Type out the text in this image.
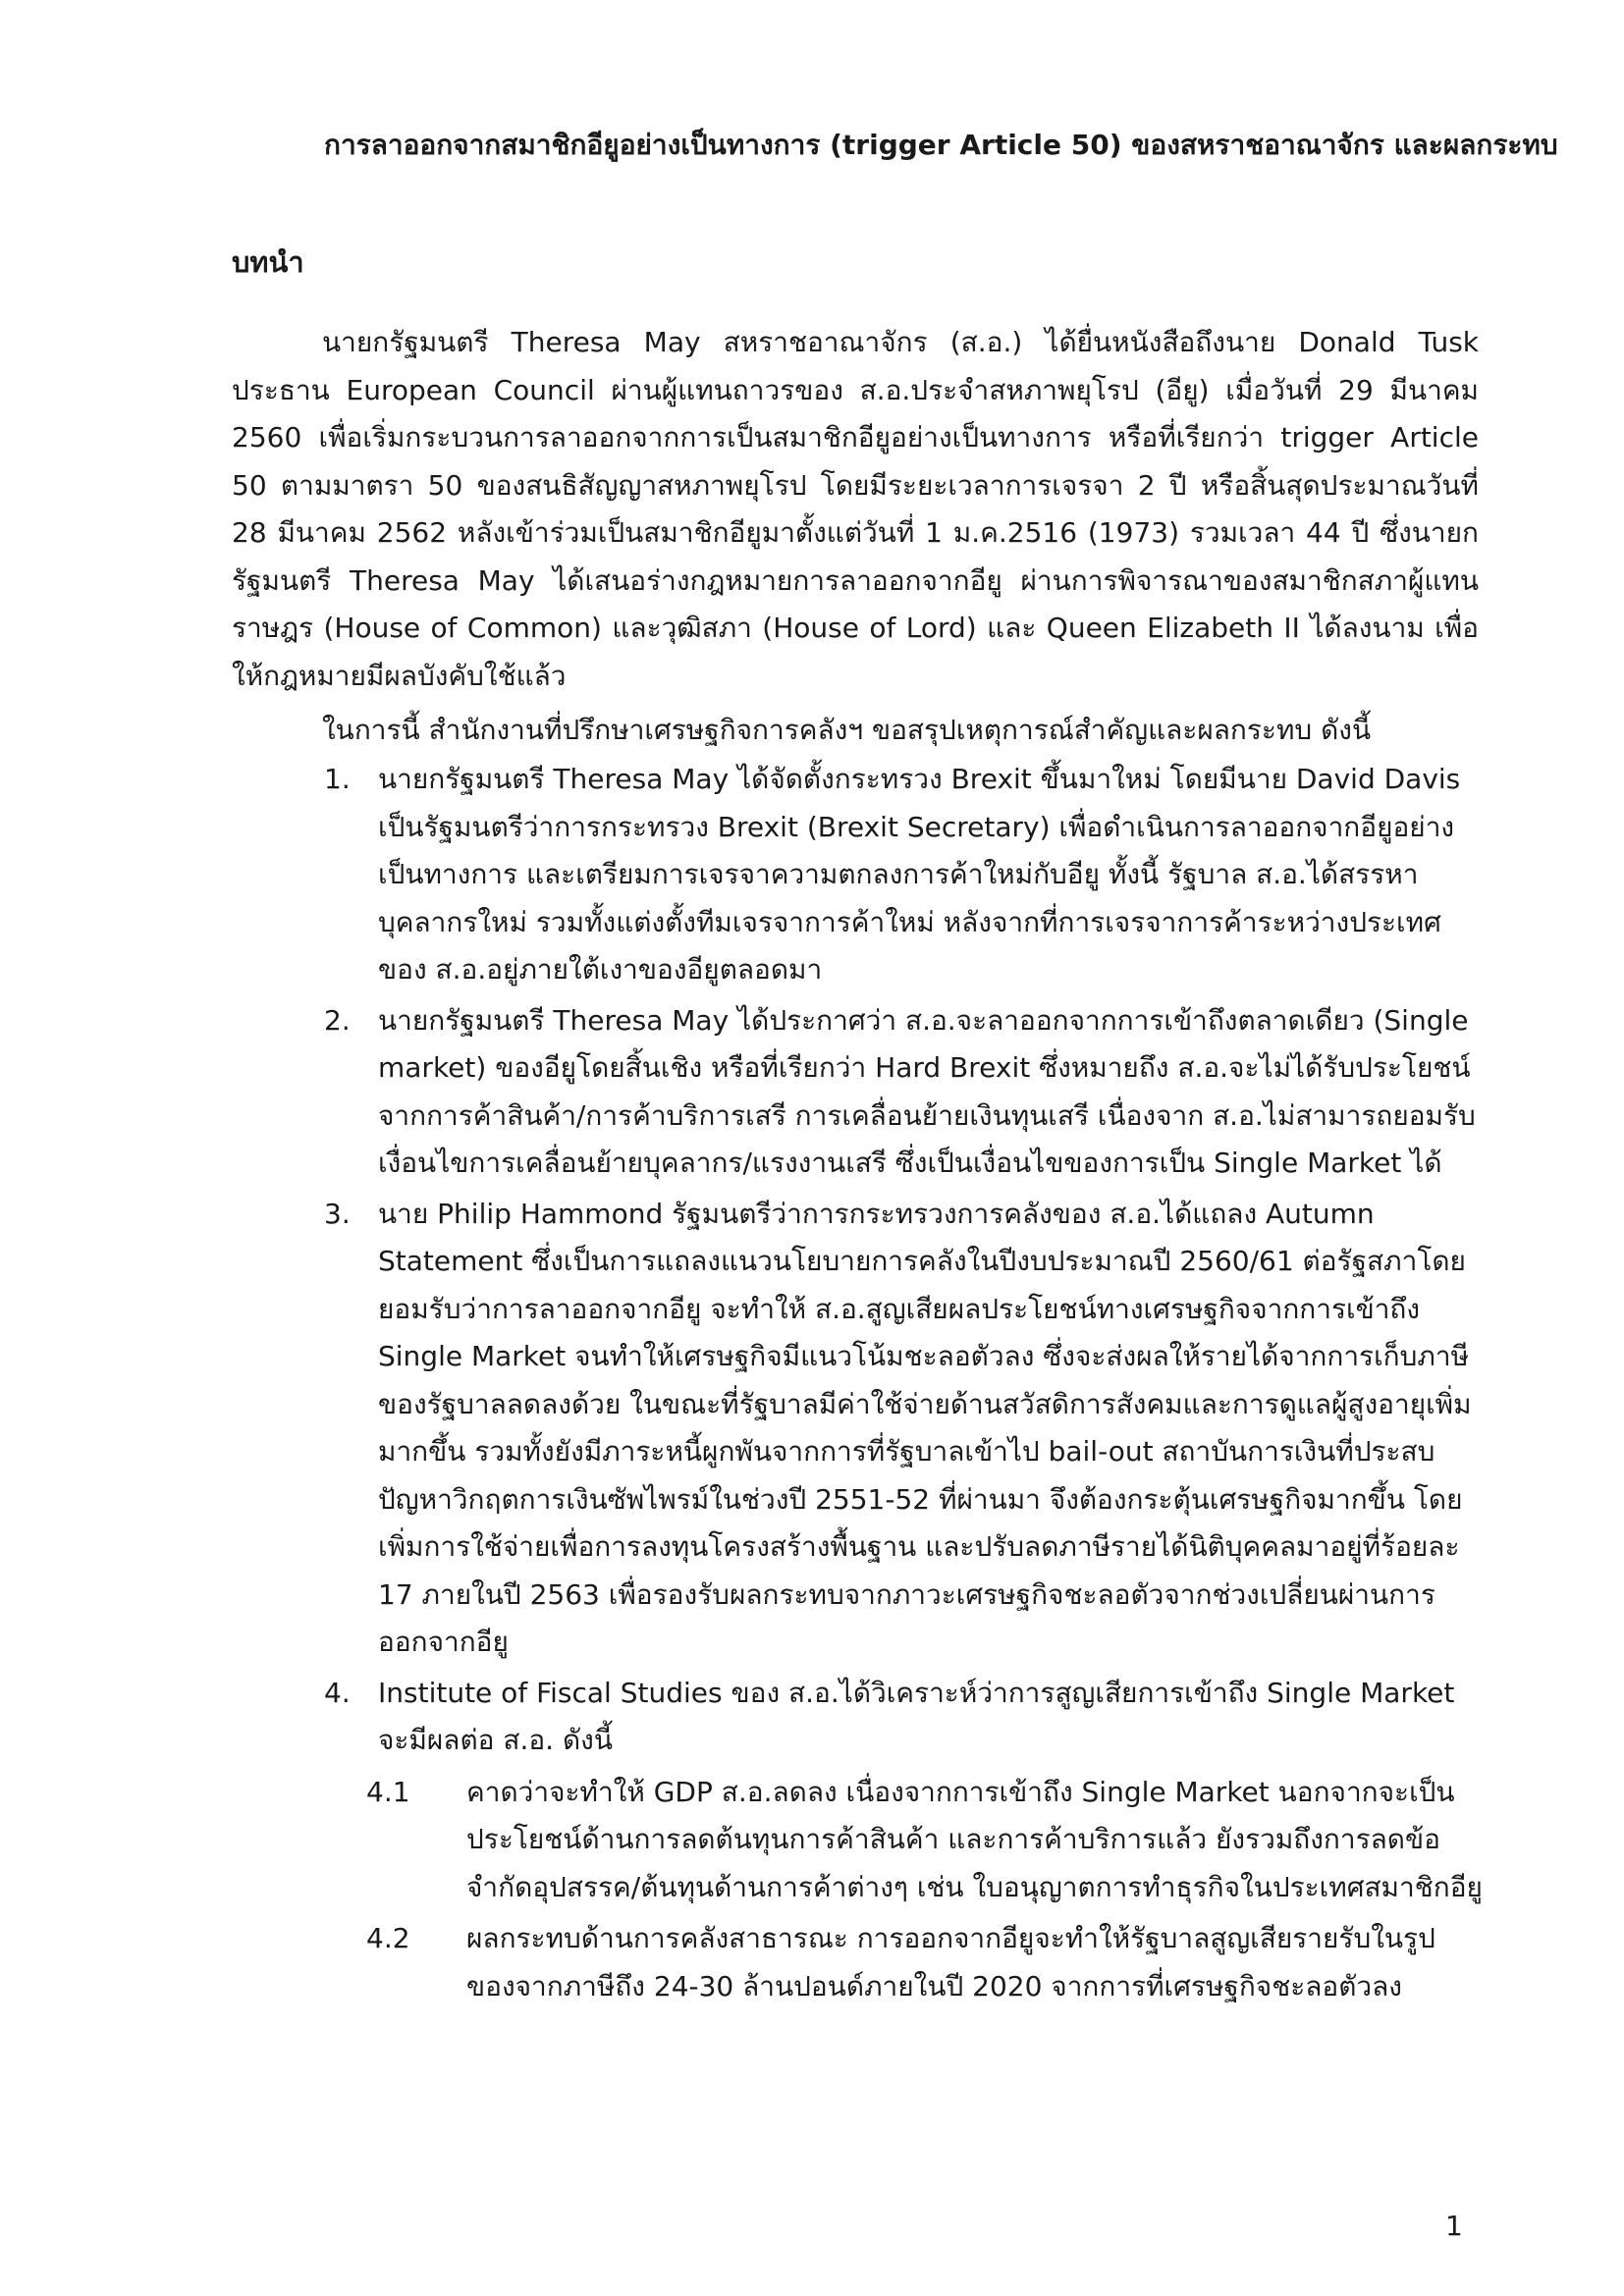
การลาออกจากสมาชิกอียูอย่างเป็นทางการ (trigger Article 50) ของสหราชอาณาจักร และผลกระทบ
บทนำ
นายกรัฐมนตรี Theresa May สหราชอาณาจักร (ส.อ.) ได้ยื่นหนังสือถึงนาย Donald Tusk ประธาน European Council ผ่านผู้แทนถาวรของ ส.อ.ประจำสหภาพยุโรป (อียู) เมื่อวันที่ 29 มีนาคม 2560 เพื่อเริ่มกระบวนการลาออกจากการเป็นสมาชิกอียูอย่างเป็นทางการ หรือที่เรียกว่า trigger Article 50 ตามมาตรา 50 ของสนธิสัญญาสหภาพยุโรป โดยมีระยะเวลาการเจรจา 2 ปี หรือสิ้นสุดประมาณวันที่ 28 มีนาคม 2562 หลังเข้าร่วมเป็นสมาชิกอียูมาตั้งแต่วันที่ 1 ม.ค.2516 (1973) รวมเวลา 44 ปี ซึ่งนายกรัฐมนตรี Theresa May ได้เสนอร่างกฎหมายการลาออกจากอียู ผ่านการพิจารณาของสมาชิกสภาผู้แทนราษฎร (House of Common) และวุฒิสภา (House of Lord) และ Queen Elizabeth II ได้ลงนาม เพื่อให้กฎหมายมีผลบังคับใช้แล้ว
ในการนี้ สำนักงานที่ปรึกษาเศรษฐกิจการคลังฯ ขอสรุปเหตุการณ์สำคัญและผลกระทบ ดังนี้
1. นายกรัฐมนตรี Theresa May ได้จัดตั้งกระทรวง Brexit ขึ้นมาใหม่ โดยมีนาย David Davis เป็นรัฐมนตรีว่าการกระทรวง Brexit (Brexit Secretary) เพื่อดำเนินการลาออกจากอียูอย่างเป็นทางการ และเตรียมการเจรจาความตกลงการค้าใหม่กับอียู ทั้งนี้ รัฐบาล ส.อ.ได้สรรหาบุคลากรใหม่ รวมทั้งแต่งตั้งทีมเจรจาการค้าใหม่ หลังจากที่การเจรจาการค้าระหว่างประเทศของ ส.อ.อยู่ภายใต้เงาของอียูตลอดมา
2. นายกรัฐมนตรี Theresa May ได้ประกาศว่า ส.อ.จะลาออกจากการเข้าถึงตลาดเดียว (Single market) ของอียูโดยสิ้นเชิง หรือที่เรียกว่า Hard Brexit ซึ่งหมายถึง ส.อ.จะไม่ได้รับประโยชน์จากการค้าสินค้า/การค้าบริการเสรี การเคลื่อนย้ายเงินทุนเสรี เนื่องจาก ส.อ.ไม่สามารถยอมรับเงื่อนไขการเคลื่อนย้ายบุคลากร/แรงงานเสรี ซึ่งเป็นเงื่อนไขของการเป็น Single Market ได้
3. นาย Philip Hammond รัฐมนตรีว่าการกระทรวงการคลังของ ส.อ.ได้แถลง Autumn Statement ซึ่งเป็นการแถลงแนวนโยบายการคลังในปีงบประมาณปี 2560/61 ต่อรัฐสภาโดยยอมรับว่าการลาออกจากอียู จะทำให้ ส.อ.สูญเสียผลประโยชน์ทางเศรษฐกิจจากการเข้าถึง Single Market จนทำให้เศรษฐกิจมีแนวโน้มชะลอตัวลง ซึ่งจะส่งผลให้รายได้จากการเก็บภาษีของรัฐบาลลดลงด้วย ในขณะที่รัฐบาลมีค่าใช้จ่ายด้านสวัสดิการสังคมและการดูแลผู้สูงอายุเพิ่มมากขึ้น รวมทั้งยังมีภาระหนี้ผูกพันจากการที่รัฐบาลเข้าไป bail-out สถาบันการเงินที่ประสบปัญหาวิกฤตการเงินซัพไพรม์ในช่วงปี 2551-52 ที่ผ่านมา จึงต้องกระตุ้นเศรษฐกิจมากขึ้น โดยเพิ่มการใช้จ่ายเพื่อการลงทุนโครงสร้างพื้นฐาน และปรับลดภาษีรายได้นิติบุคคลมาอยู่ที่ร้อยละ 17 ภายในปี 2563 เพื่อรองรับผลกระทบจากภาวะเศรษฐกิจชะลอตัวจากช่วงเปลี่ยนผ่านการออกจากอียู
4. Institute of Fiscal Studies ของ ส.อ.ได้วิเคราะห์ว่าการสูญเสียการเข้าถึง Single Market จะมีผลต่อ ส.อ. ดังนี้
4.1 คาดว่าจะทำให้ GDP ส.อ.ลดลง เนื่องจากการเข้าถึง Single Market นอกจากจะเป็นประโยชน์ด้านการลดต้นทุนการค้าสินค้า และการค้าบริการแล้ว ยังรวมถึงการลดข้อจำกัดอุปสรรค/ต้นทุนด้านการค้าต่างๆ เช่น ใบอนุญาตการทำธุรกิจในประเทศสมาชิกอียู
4.2 ผลกระทบด้านการคลังสาธารณะ การออกจากอียูจะทำให้รัฐบาลสูญเสียรายรับในรูปของจากภาษีถึง 24-30 ล้านปอนด์ภายในปี 2020 จากการที่เศรษฐกิจชะลอตัวลง
1
